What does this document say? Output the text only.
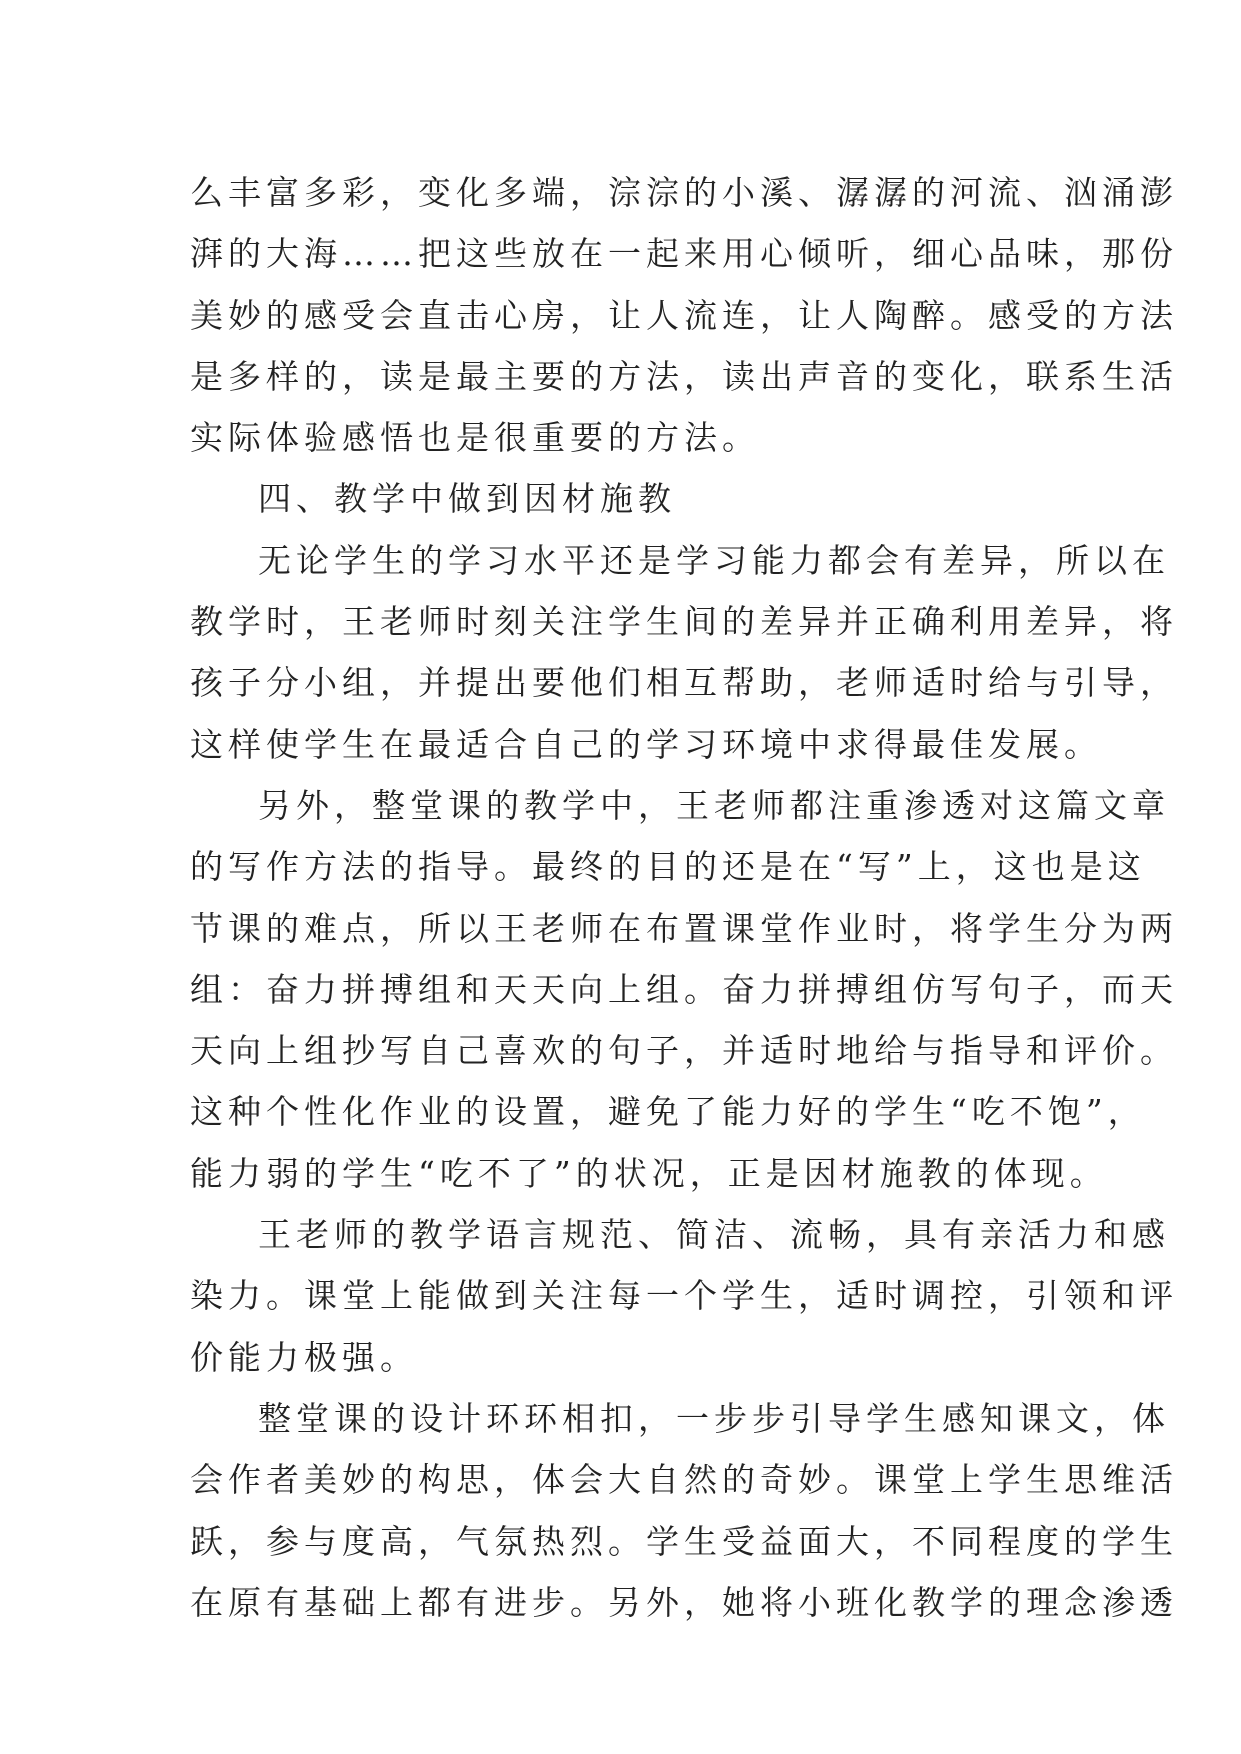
么丰富多彩，变化多端，淙淙的小溪、潺潺的河流、汹涌澎
湃的大海……把这些放在一起来用心倾听，细心品味，那份
美妙的感受会直击心房，让人流连，让人陶醉。感受的方法
是多样的，读是最主要的方法，读出声音的变化，联系生活
实际体验感悟也是很重要的方法。
四、教学中做到因材施教
无论学生的学习水平还是学习能力都会有差异，所以在
教学时，王老师时刻关注学生间的差异并正确利用差异，将
孩子分小组，并提出要他们相互帮助，老师适时给与引导，
这样使学生在最适合自己的学习环境中求得最佳发展。
另外，整堂课的教学中，王老师都注重渗透对这篇文章
的写作方法的指导。最终的目的还是在“写”上，这也是这
节课的难点，所以王老师在布置课堂作业时，将学生分为两
组：奋力拼搏组和天天向上组。奋力拼搏组仿写句子，而天
天向上组抄写自己喜欢的句子，并适时地给与指导和评价。
这种个性化作业的设置，避免了能力好的学生“吃不饱”，
能力弱的学生“吃不了”的状况，正是因材施教的体现。
王老师的教学语言规范、简洁、流畅，具有亲活力和感
染力。课堂上能做到关注每一个学生，适时调控，引领和评
价能力极强。
整堂课的设计环环相扣，一步步引导学生感知课文，体
会作者美妙的构思，体会大自然的奇妙。课堂上学生思维活
跃，参与度高，气氛热烈。学生受益面大，不同程度的学生
在原有基础上都有进步。另外，她将小班化教学的理念渗透
